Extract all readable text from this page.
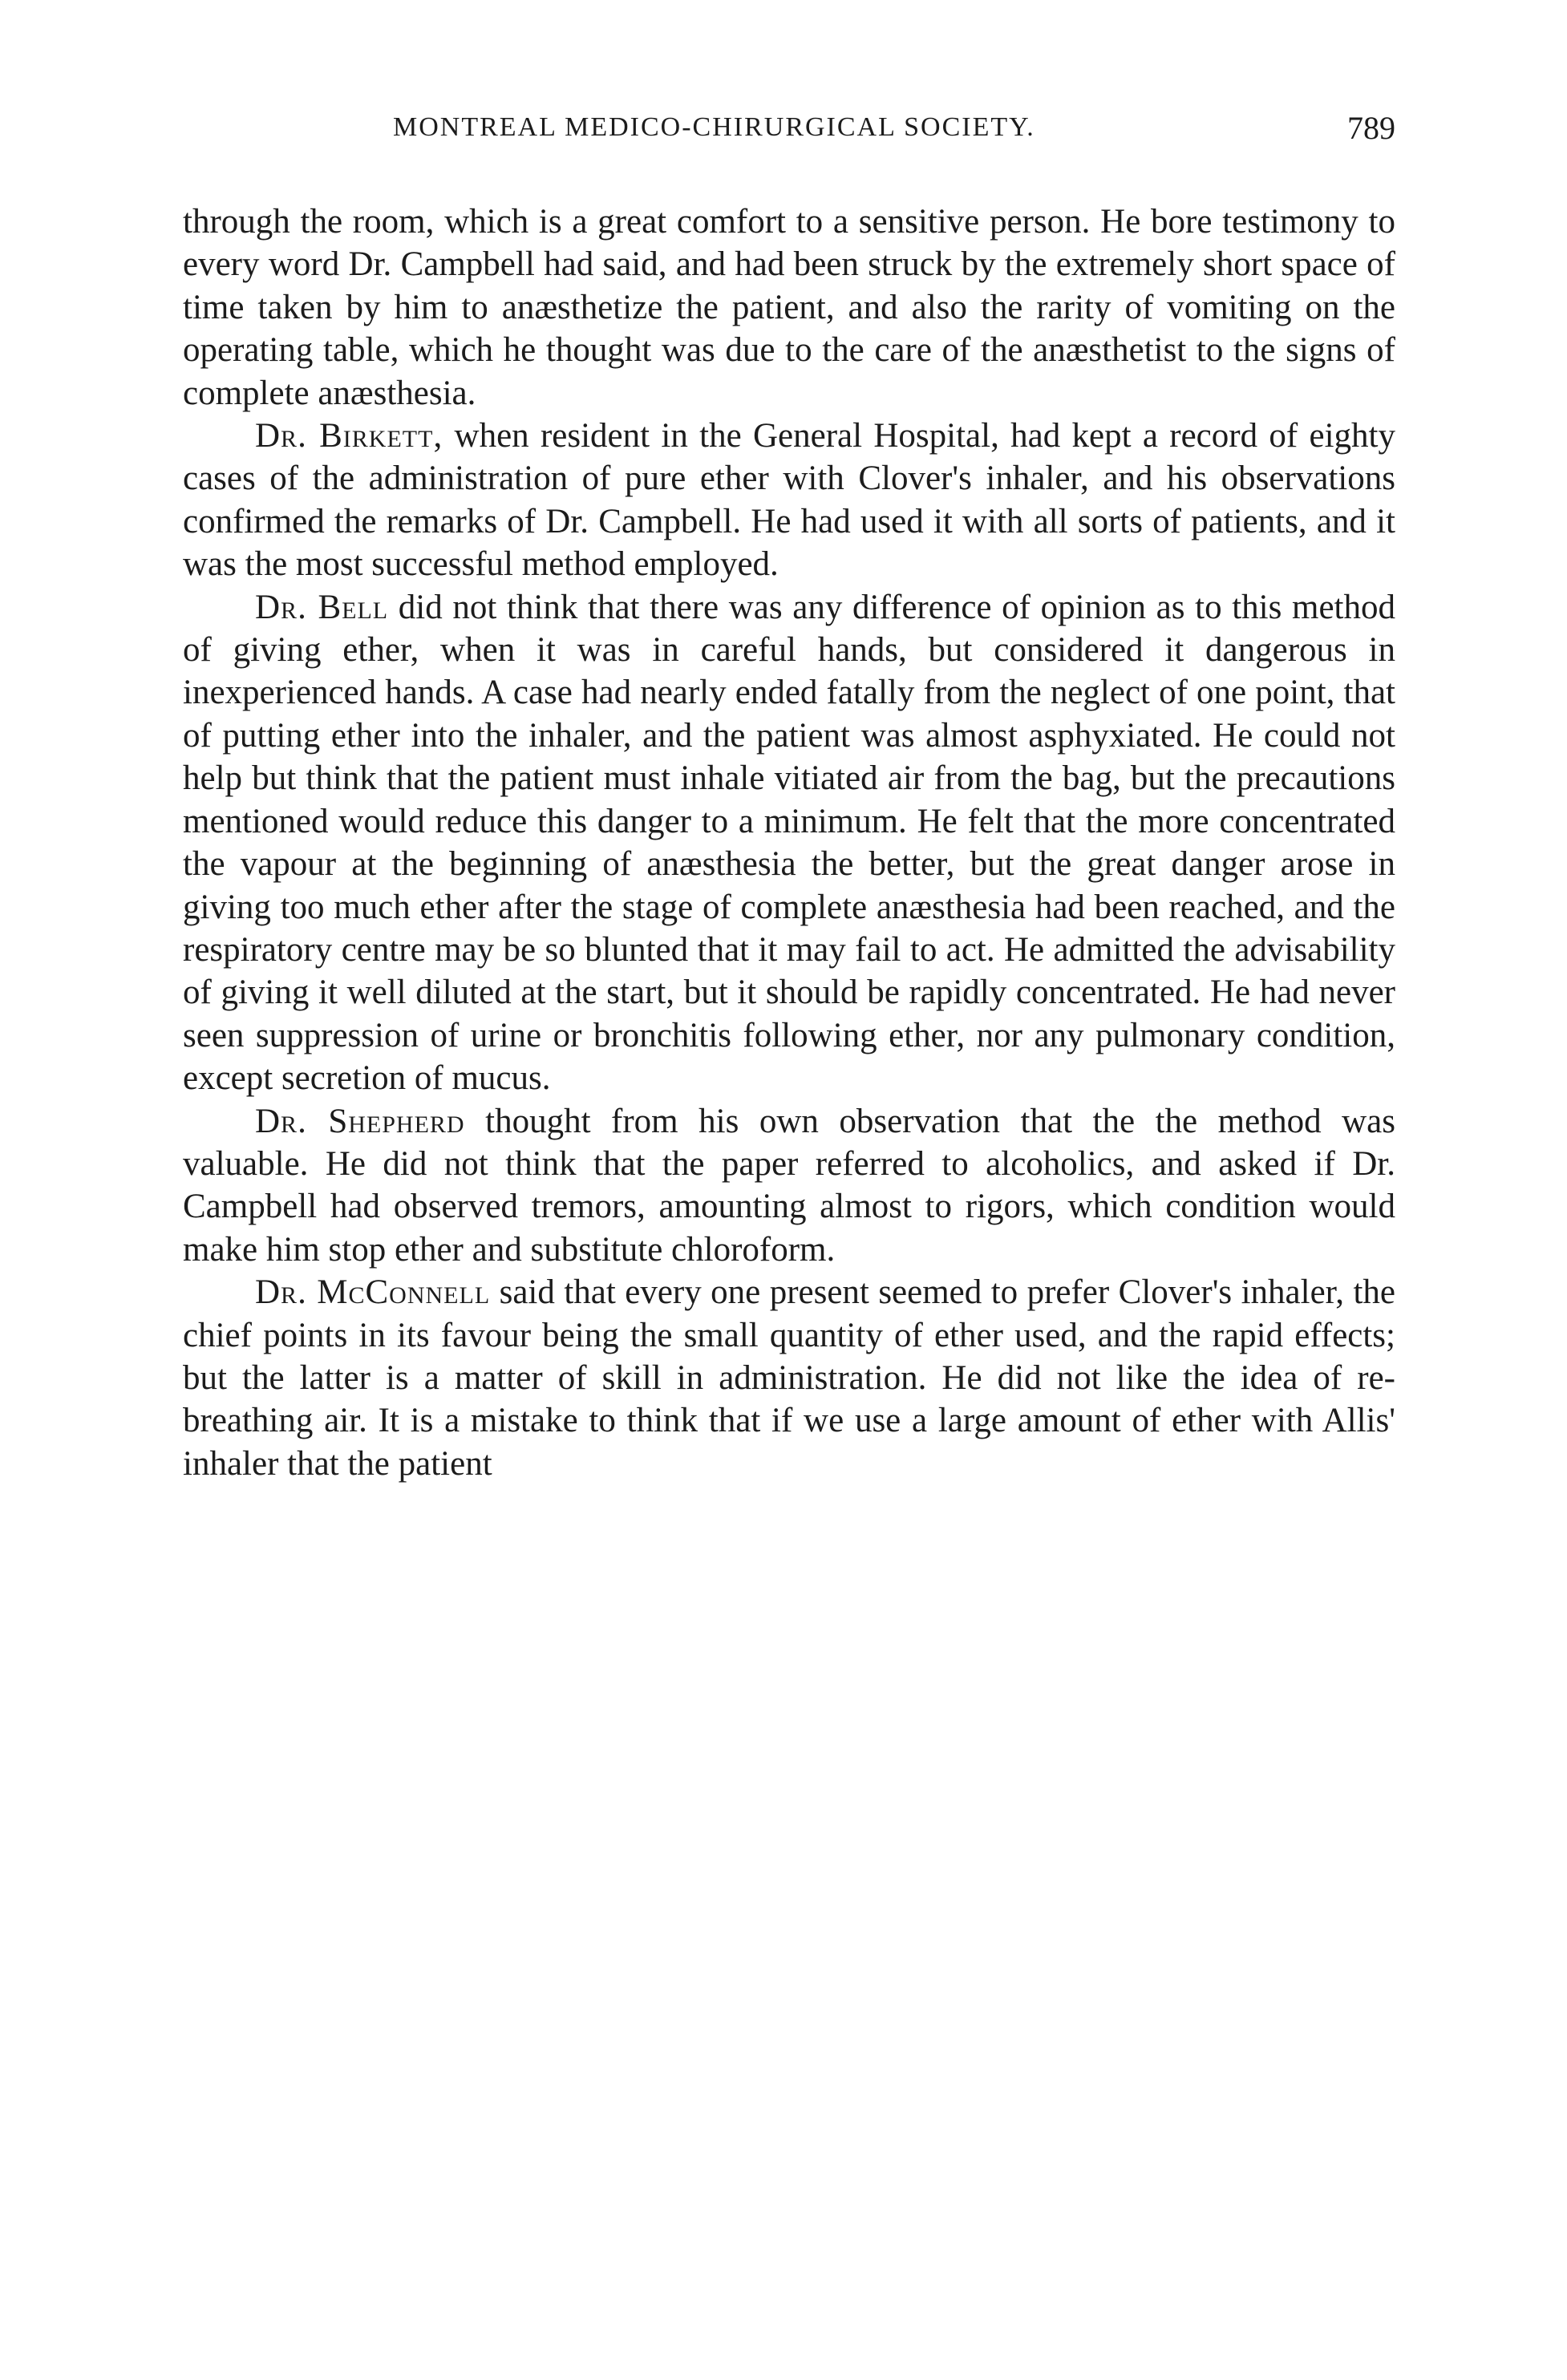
MONTREAL MEDICO-CHIRURGICAL SOCIETY.	789

through the room, which is a great comfort to a sensitive person. He bore testimony to every word Dr. Campbell had said, and had been struck by the extremely short space of time taken by him to anæsthetize the patient, and also the rarity of vomiting on the operating table, which he thought was due to the care of the anæsthetist to the signs of complete anæsthesia.

Dr. Birkett, when resident in the General Hospital, had kept a record of eighty cases of the administration of pure ether with Clover's inhaler, and his observations confirmed the remarks of Dr. Campbell. He had used it with all sorts of patients, and it was the most successful method employed.

Dr. Bell did not think that there was any difference of opinion as to this method of giving ether, when it was in careful hands, but considered it dangerous in inexperienced hands. A case had nearly ended fatally from the neglect of one point, that of putting ether into the inhaler, and the patient was almost asphyxiated. He could not help but think that the patient must inhale vitiated air from the bag, but the precautions mentioned would reduce this danger to a minimum. He felt that the more concentrated the vapour at the beginning of anæsthesia the better, but the great danger arose in giving too much ether after the stage of complete anæsthesia had been reached, and the respiratory centre may be so blunted that it may fail to act. He admitted the advisability of giving it well diluted at the start, but it should be rapidly concentrated. He had never seen suppression of urine or bronchitis following ether, nor any pulmonary condition, except secretion of mucus.

Dr. Shepherd thought from his own observation that the the method was valuable. He did not think that the paper referred to alcoholics, and asked if Dr. Campbell had observed tremors, amounting almost to rigors, which condition would make him stop ether and substitute chloroform.

Dr. McConnell said that every one present seemed to prefer Clover's inhaler, the chief points in its favour being the small quantity of ether used, and the rapid effects; but the latter is a matter of skill in administration. He did not like the idea of re-breathing air. It is a mistake to think that if we use a large amount of ether with Allis' inhaler that the patient
